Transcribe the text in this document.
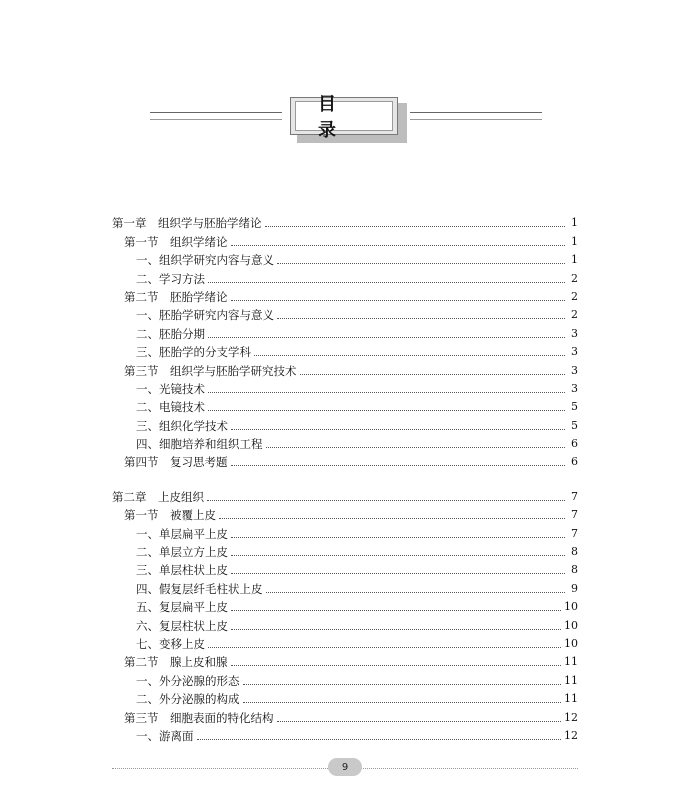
目录
第一章　组织学与胚胎学绪论	1
第一节　组织学绪论	1
一、组织学研究内容与意义	1
二、学习方法	2
第二节　胚胎学绪论	2
一、胚胎学研究内容与意义	2
二、胚胎分期	3
三、胚胎学的分支学科	3
第三节　组织学与胚胎学研究技术	3
一、光镜技术	3
二、电镜技术	5
三、组织化学技术	5
四、细胞培养和组织工程	6
第四节　复习思考题	6
第二章　上皮组织	7
第一节　被覆上皮	7
一、单层扁平上皮	7
二、单层立方上皮	8
三、单层柱状上皮	8
四、假复层纤毛柱状上皮	9
五、复层扁平上皮	10
六、复层柱状上皮	10
七、变移上皮	10
第二节　腺上皮和腺	11
一、外分泌腺的形态	11
二、外分泌腺的构成	11
第三节　细胞表面的特化结构	12
一、游离面	12
9
